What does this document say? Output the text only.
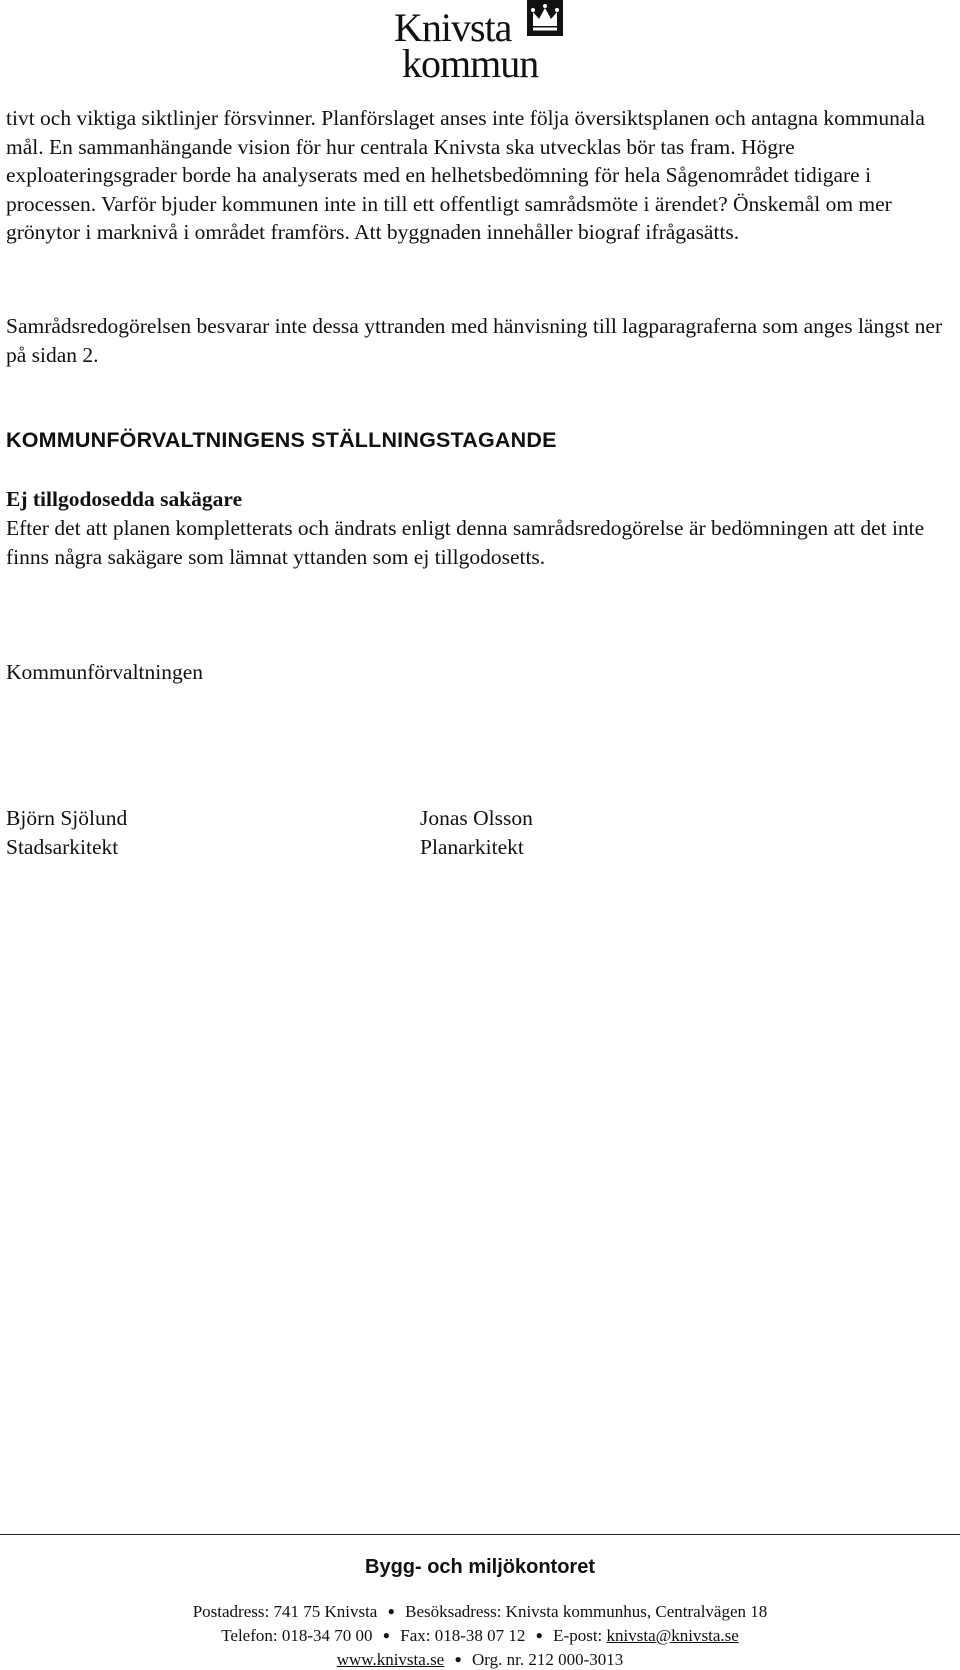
Knivsta
kommun

tivt och viktiga siktlinjer försvinner. Planförslaget anses inte följa översiktsplanen och antagna kommunala mål. En sammanhängande vision för hur centrala Knivsta ska utvecklas bör tas fram. Högre exploateringsgrader borde ha analyserats med en helhetsbedömning för hela Sågenområdet tidigare i processen. Varför bjuder kommunen inte in till ett offentligt samrådsmöte i ärendet? Önskemål om mer grönytor i marknivå i området framförs. Att byggnaden innehåller biograf ifrågasätts.

Samrådsredogörelsen besvarar inte dessa yttranden med hänvisning till lagparagraferna som anges längst ner på sidan 2.

KOMMUNFÖRVALTNINGENS STÄLLNINGSTAGANDE
Ej tillgodosedda sakägare

Efter det att planen kompletterats och ändrats enligt denna samrådsredogörelse är bedömningen att det inte finns några sakägare som lämnat yttanden som ej tillgodosetts.

Kommunförvaltningen

Björn Sjölund
Stadsarkitekt
Jonas Olsson
Planarkitekt
Bygg- och miljökontoret
Postadress: 741 75 Knivsta ● Besöksadress: Knivsta kommunhus, Centralvägen 18
Telefon: 018-34 70 00 ● Fax: 018-38 07 12 ● E-post: knivsta@knivsta.se
www.knivsta.se ● Org. nr. 212 000-3013
